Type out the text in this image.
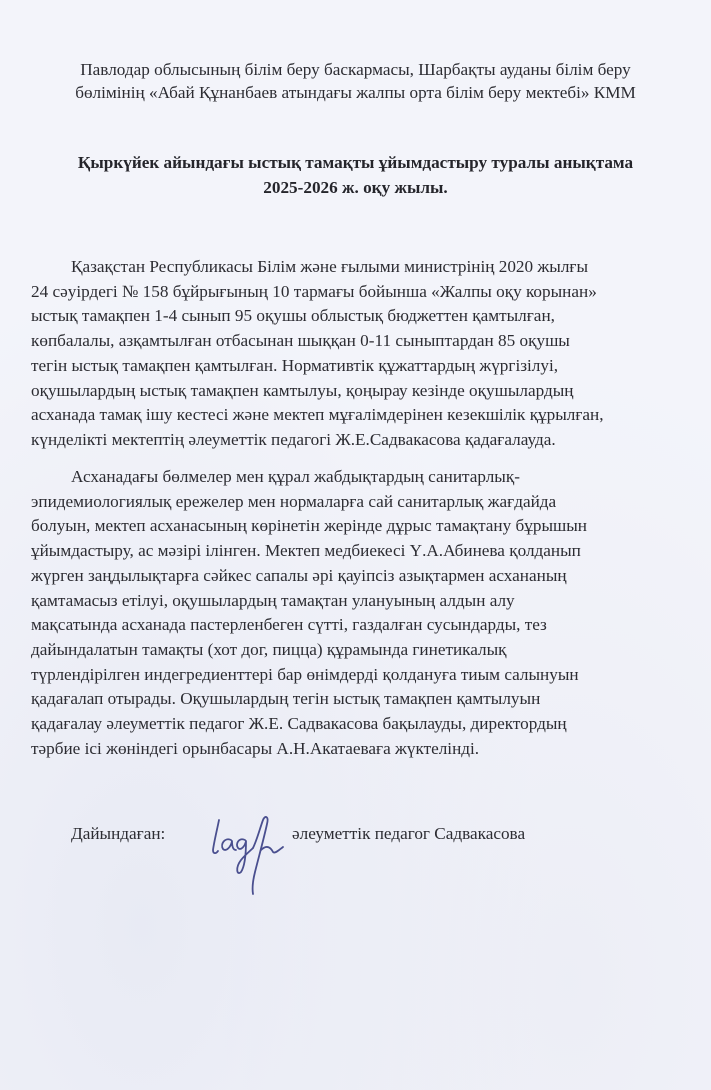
Павлодар облысының білім беру баскармасы, Шарбақты ауданы білім беру
бөлімінің «Абай Құнанбаев атындағы жалпы орта білім беру мектебі» КММ
Қыркүйек айындағы ыстық тамақты ұйымдастыру туралы анықтама
2025-2026 ж. оқу жылы.
Қазақстан Республикасы Білім және ғылыми министрінің 2020 жылғы
24 сәуірдегі № 158 бұйрығының 10 тармағы бойынша «Жалпы оқу корынан»
ыстық тамақпен 1-4 сынып 95 оқушы облыстық бюджеттен қамтылған,
көпбалалы, азқамтылған отбасынан шыққан 0-11 сыныптардан 85 оқушы
тегін ыстық тамақпен қамтылған. Нормативтік құжаттардың жүргізілуі,
оқушылардың ыстық тамақпен камтылуы, қоңырау кезінде оқушылардың
асханада тамақ ішу кестесі және мектеп мұғалімдерінен кезекшілік құрылған,
күнделікті мектептің әлеуметтік педагогі Ж.Е.Садвакасова қадағалауда.
Асханадағы бөлмелер мен құрал жабдықтардың санитарлық-
эпидемиологиялық ережелер мен нормаларға сай санитарлық жағдайда
болуын, мектеп асханасының көрінетін жерінде дұрыс тамақтану бұрышын
ұйымдастыру, ас мәзірі ілінген. Мектеп медбиекесі Ү.А.Абинева қолданып
жүрген заңдылықтарға сәйкес сапалы әрі қауіпсіз азықтармен асхананың
қамтамасыз етілуі, оқушылардың тамақтан улануының алдын алу
мақсатында асханада пастерленбеген сүтті, газдалған сусындарды, тез
дайындалатын тамақты (хот дог, пицца) құрамында гинетикалық
түрлендірілген индегредиенттері бар өнімдерді қолдануға тиым салынуын
қадағалап отырады. Оқушылардың тегін ыстық тамақпен қамтылуын
қадағалау әлеуметтік педагог Ж.Е. Садвакасова бақылауды, директордың
тәрбие ісі жөніндегі орынбасары А.Н.Акатаевағa жүктелінді.
Дайындаған:	әлеуметтік педагог Садвакасова
